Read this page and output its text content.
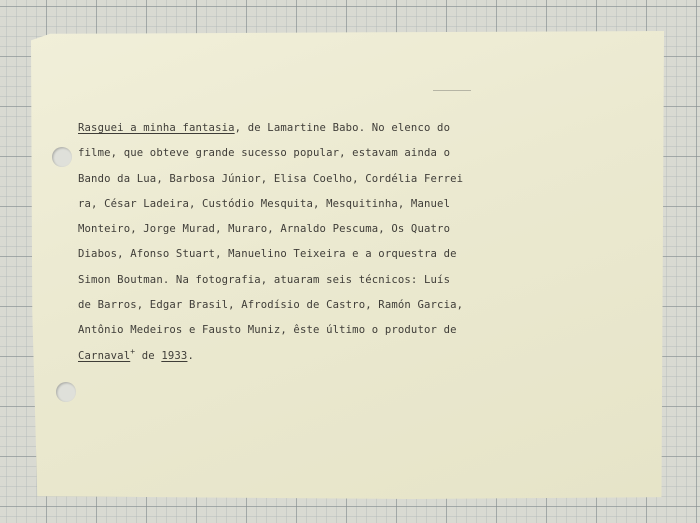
Rasguei a minha fantasia, de Lamartine Babo. No elenco do
filme, que obteve grande sucesso popular, estavam ainda o
Bando da Lua, Barbosa Júnior, Elisa Coelho, Cordélia Ferrei
ra, César Ladeira, Custódio Mesquita, Mesquitinha, Manuel
Monteiro, Jorge Murad, Muraro, Arnaldo Pescuma, Os Quatro
Diabos, Afonso Stuart, Manuelino Teixeira e a orquestra de
Simon Boutman. Na fotografia, atuaram seis técnicos: Luís
de Barros, Edgar Brasil, Afrodísio de Castro, Ramón Garcia,
Antônio Medeiros e Fausto Muniz, êste último o produtor de
Carnaval+ de 1933.
